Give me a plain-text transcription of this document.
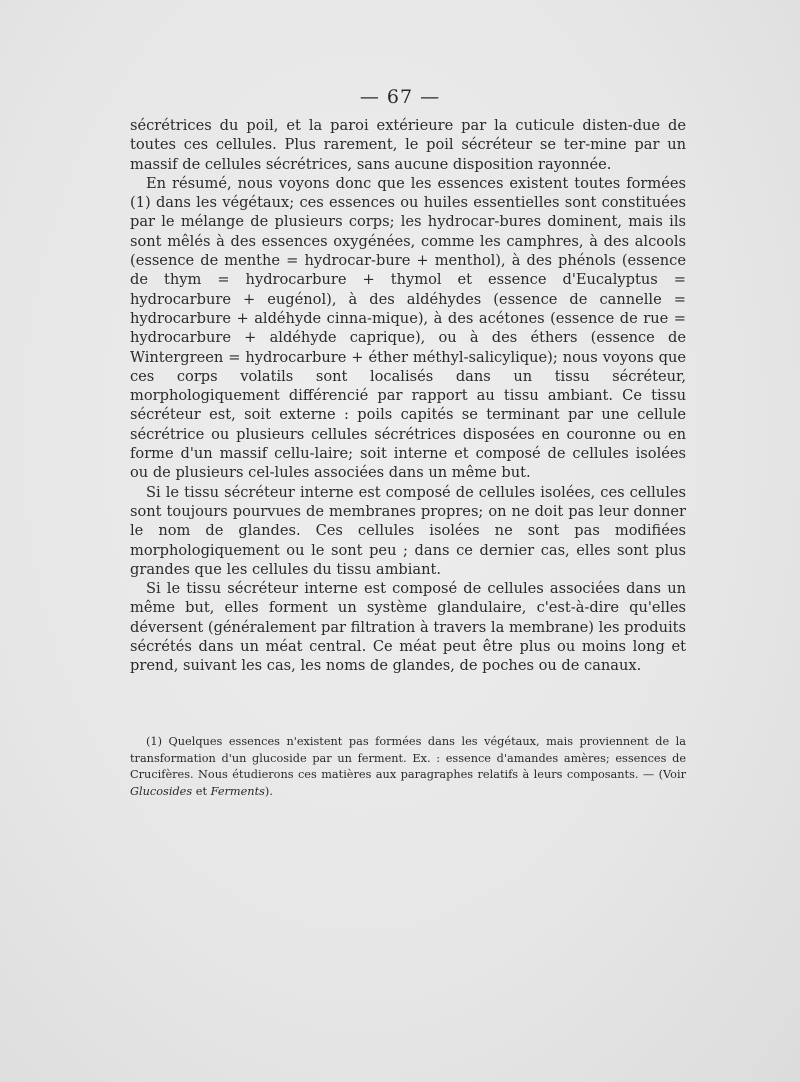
— 67 —

sécrétrices du poil, et la paroi extérieure par la cuticule disten-due de toutes ces cellules. Plus rarement, le poil sécréteur se ter-mine par un massif de cellules sécrétrices, sans aucune disposition rayonnée.

En résumé, nous voyons donc que les essences existent toutes formées (1) dans les végétaux; ces essences ou huiles essentielles sont constituées par le mélange de plusieurs corps; les hydrocar-bures dominent, mais ils sont mêlés à des essences oxygénées, comme les camphres, à des alcools (essence de menthe = hydrocar-bure + menthol), à des phénols (essence de thym = hydrocarbure + thymol et essence d'Eucalyptus = hydrocarbure + eugénol), à des aldéhydes (essence de cannelle = hydrocarbure + aldéhyde cinna-mique), à des acétones (essence de rue = hydrocarbure + aldéhyde caprique), ou à des éthers (essence de Wintergreen = hydrocarbure + éther méthyl-salicylique); nous voyons que ces corps volatils sont localisés dans un tissu sécréteur, morphologiquement différencié par rapport au tissu ambiant. Ce tissu sécréteur est, soit externe : poils capités se terminant par une cellule sécrétrice ou plusieurs cellules sécrétrices disposées en couronne ou en forme d'un massif cellu-laire; soit interne et composé de cellules isolées ou de plusieurs cel-lules associées dans un même but.

Si le tissu sécréteur interne est composé de cellules isolées, ces cellules sont toujours pourvues de membranes propres; on ne doit pas leur donner le nom de glandes. Ces cellules isolées ne sont pas modifiées morphologiquement ou le sont peu ; dans ce dernier cas, elles sont plus grandes que les cellules du tissu ambiant.

Si le tissu sécréteur interne est composé de cellules associées dans un même but, elles forment un système glandulaire, c'est-à-dire qu'elles déversent (généralement par filtration à travers la membrane) les produits sécrétés dans un méat central. Ce méat peut être plus ou moins long et prend, suivant les cas, les noms de glandes, de poches ou de canaux.

(1) Quelques essences n'existent pas formées dans les végétaux, mais proviennent de la transformation d'un glucoside par un ferment. Ex. : essence d'amandes amères; essences de Crucifères. Nous étudierons ces matières aux paragraphes relatifs à leurs composants. — (Voir Glucosides et Ferments).
